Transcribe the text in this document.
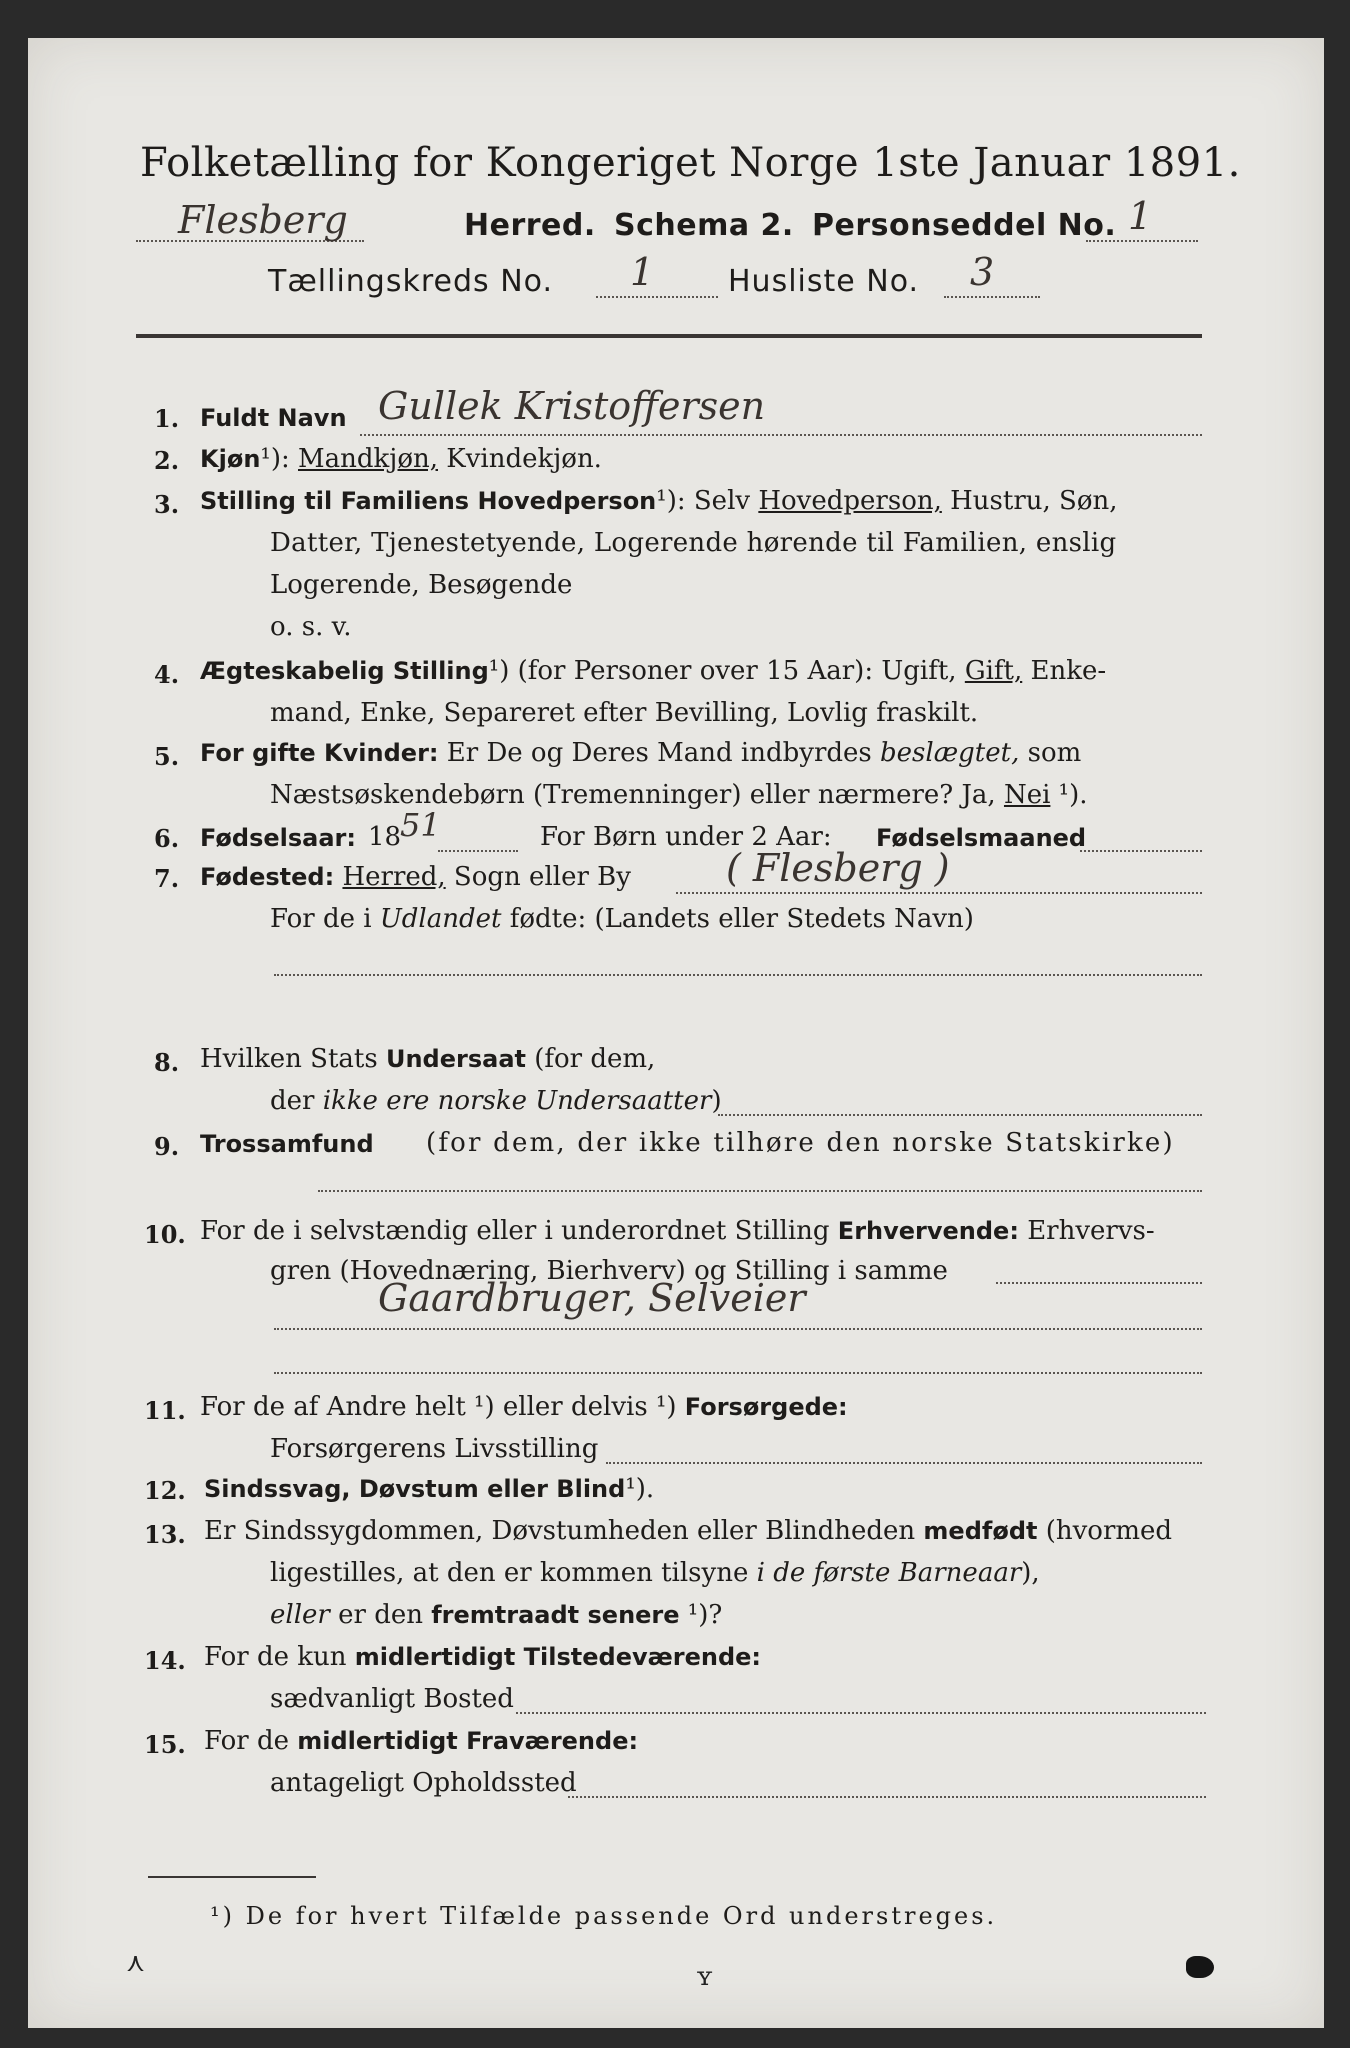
Folketælling for Kongeriget Norge 1ste Januar 1891.
Flesberg	Herred. Schema 2. Personseddel No. 1
Tællingskreds No. 1 Husliste No. 3
1. Fuldt Navn Gullek Kristoffersen
2. Kjøn¹): Mandkjøn, Kvindekjøn.
3. Stilling til Familiens Hovedperson¹): Selv Hovedperson, Hustru, Søn,
Datter, Tjenestetyende, Logerende hørende til Familien, enslig
Logerende, Besøgende
o. s. v.
4. Ægteskabelig Stilling¹) (for Personer over 15 Aar): Ugift, Gift, Enke-
mand, Enke, Separeret efter Bevilling, Lovlig fraskilt.
5. For gifte Kvinder: Er De og Deres Mand indbyrdes beslægtet, som
Næstsøskendebørn (Tremenninger) eller nærmere? Ja, Nei ¹).
6. Fødselsaar: 18
51	For Børn under 2 Aar: Fødselsmaaned
7. Fødested: Herred, Sogn eller By	( Flesberg )
For de i Udlandet fødte: (Landets eller Stedets Navn)
8. Hvilken Stats Undersaat (for dem,
der ikke ere norske Undersaatter)
9. Trossamfund (for dem, der ikke tilhøre den norske Statskirke)
10. For de i selvstændig eller i underordnet Stilling Erhvervende: Erhvervs-
gren (Hovednæring, Bierhverv) og Stilling i samme
Gaardbruger, Selveier
11. For de af Andre helt ¹) eller delvis ¹) Forsørgede:
Forsørgerens Livsstilling
12. Sindssvag, Døvstum eller Blind¹).
13. Er Sindssygdommen, Døvstumheden eller Blindheden medfødt (hvormed
ligestilles, at den er kommen tilsyne i de første Barneaar),
eller er den fremtraadt senere ¹)?
14. For de kun midlertidigt Tilstedeværende:
sædvanligt Bosted
15. For de midlertidigt Fraværende:
antageligt Opholdssted
¹) De for hvert Tilfælde passende Ord understreges.
⋏	ʏ
